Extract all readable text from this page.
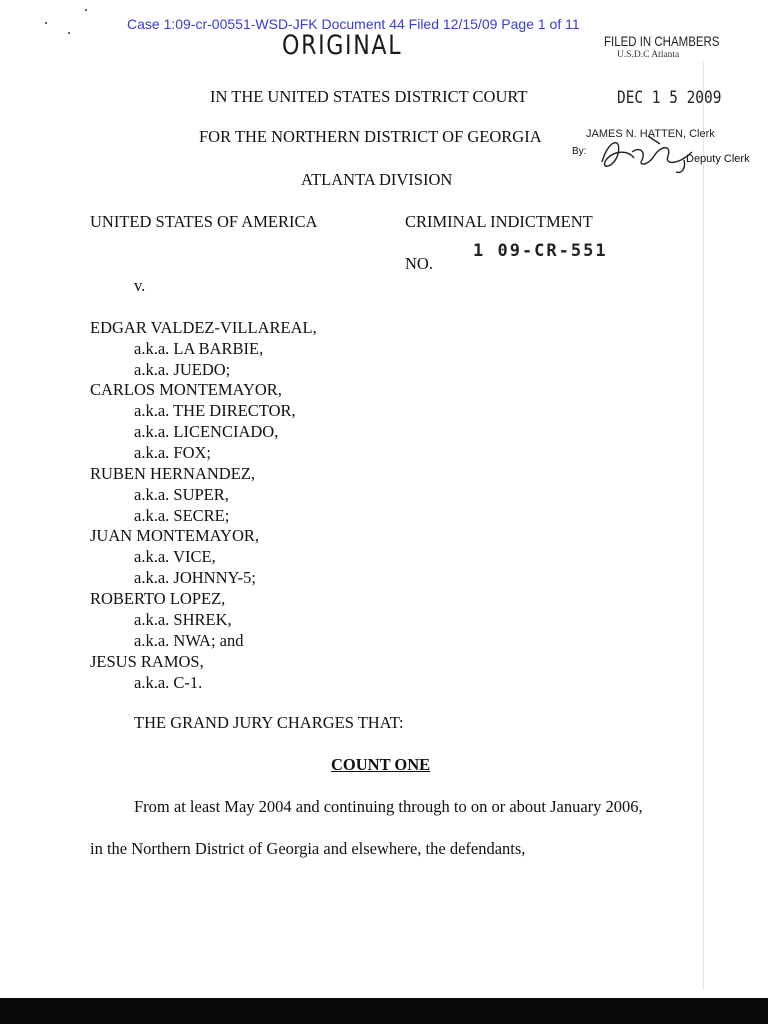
Case 1:09-cr-00551-WSD-JFK Document 44 Filed 12/15/09 Page 1 of 11
ORIGINAL	FILED IN CHAMBERS
U.S.D.C Atlanta
DEC 1 5 2009
JAMES N. HATTEN, Clerk
By:
Deputy Clerk
IN THE UNITED STATES DISTRICT COURT
FOR THE NORTHERN DISTRICT OF GEORGIA
ATLANTA DIVISION
UNITED STATES OF AMERICA	CRIMINAL INDICTMENT
NO.
1 09-CR-551
v.
EDGAR VALDEZ-VILLAREAL,
a.k.a. LA BARBIE,
a.k.a. JUEDO;
CARLOS MONTEMAYOR,
a.k.a. THE DIRECTOR,
a.k.a. LICENCIADO,
a.k.a. FOX;
RUBEN HERNANDEZ,
a.k.a. SUPER,
a.k.a. SECRE;
JUAN MONTEMAYOR,
a.k.a. VICE,
a.k.a. JOHNNY-5;
ROBERTO LOPEZ,
a.k.a. SHREK,
a.k.a. NWA; and
JESUS RAMOS,
a.k.a. C-1.
THE GRAND JURY CHARGES THAT:
COUNT ONE
From at least May 2004 and continuing through to on or about January 2006,
in the Northern District of Georgia and elsewhere, the defendants,
